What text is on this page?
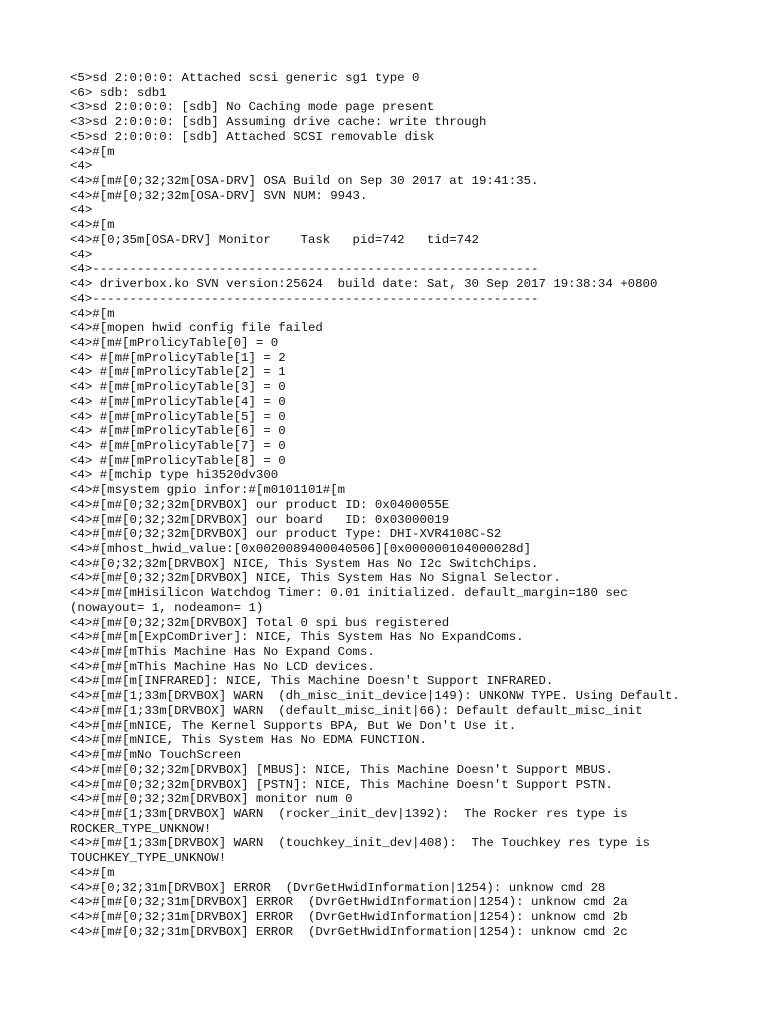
<5>sd 2:0:0:0: Attached scsi generic sg1 type 0
<6> sdb: sdb1
<3>sd 2:0:0:0: [sdb] No Caching mode page present
<3>sd 2:0:0:0: [sdb] Assuming drive cache: write through
<5>sd 2:0:0:0: [sdb] Attached SCSI removable disk
<4>#[m
<4>
<4>#[m#[0;32;32m[OSA-DRV] OSA Build on Sep 30 2017 at 19:41:35.
<4>#[m#[0;32;32m[OSA-DRV] SVN NUM: 9943.
<4>
<4>#[m
<4>#[0;35m[OSA-DRV] Monitor    Task   pid=742   tid=742
<4>
<4>------------------------------------------------------------
<4> driverbox.ko SVN version:25624  build date: Sat, 30 Sep 2017 19:38:34 +0800
<4>------------------------------------------------------------
<4>#[m
<4>#[mopen hwid config file failed
<4>#[m#[mProlicyTable[0] = 0
<4> #[m#[mProlicyTable[1] = 2
<4> #[m#[mProlicyTable[2] = 1
<4> #[m#[mProlicyTable[3] = 0
<4> #[m#[mProlicyTable[4] = 0
<4> #[m#[mProlicyTable[5] = 0
<4> #[m#[mProlicyTable[6] = 0
<4> #[m#[mProlicyTable[7] = 0
<4> #[m#[mProlicyTable[8] = 0
<4> #[mchip type hi3520dv300
<4>#[msystem gpio infor:#[m0101101#[m
<4>#[m#[0;32;32m[DRVBOX] our product ID: 0x0400055E
<4>#[m#[0;32;32m[DRVBOX] our board   ID: 0x03000019
<4>#[m#[0;32;32m[DRVBOX] our product Type: DHI-XVR4108C-S2
<4>#[mhost_hwid_value:[0x0020089400040506][0x000000104000028d]
<4>#[0;32;32m[DRVBOX] NICE, This System Has No I2c SwitchChips.
<4>#[m#[0;32;32m[DRVBOX] NICE, This System Has No Signal Selector.
<4>#[m#[mHisilicon Watchdog Timer: 0.01 initialized. default_margin=180 sec
(nowayout= 1, nodeamon= 1)
<4>#[m#[0;32;32m[DRVBOX] Total 0 spi bus registered
<4>#[m#[m[ExpComDriver]: NICE, This System Has No ExpandComs.
<4>#[m#[mThis Machine Has No Expand Coms.
<4>#[m#[mThis Machine Has No LCD devices.
<4>#[m#[m[INFRARED]: NICE, This Machine Doesn't Support INFRARED.
<4>#[m#[1;33m[DRVBOX] WARN  (dh_misc_init_device|149): UNKONW TYPE. Using Default.
<4>#[m#[1;33m[DRVBOX] WARN  (default_misc_init|66): Default default_misc_init
<4>#[m#[mNICE, The Kernel Supports BPA, But We Don't Use it.
<4>#[m#[mNICE, This System Has No EDMA FUNCTION.
<4>#[m#[mNo TouchScreen
<4>#[m#[0;32;32m[DRVBOX] [MBUS]: NICE, This Machine Doesn't Support MBUS.
<4>#[m#[0;32;32m[DRVBOX] [PSTN]: NICE, This Machine Doesn't Support PSTN.
<4>#[m#[0;32;32m[DRVBOX] monitor num 0
<4>#[m#[1;33m[DRVBOX] WARN  (rocker_init_dev|1392):  The Rocker res type is
ROCKER_TYPE_UNKNOW!
<4>#[m#[1;33m[DRVBOX] WARN  (touchkey_init_dev|408):  The Touchkey res type is
TOUCHKEY_TYPE_UNKNOW!
<4>#[m
<4>#[0;32;31m[DRVBOX] ERROR  (DvrGetHwidInformation|1254): unknow cmd 28
<4>#[m#[0;32;31m[DRVBOX] ERROR  (DvrGetHwidInformation|1254): unknow cmd 2a
<4>#[m#[0;32;31m[DRVBOX] ERROR  (DvrGetHwidInformation|1254): unknow cmd 2b
<4>#[m#[0;32;31m[DRVBOX] ERROR  (DvrGetHwidInformation|1254): unknow cmd 2c
